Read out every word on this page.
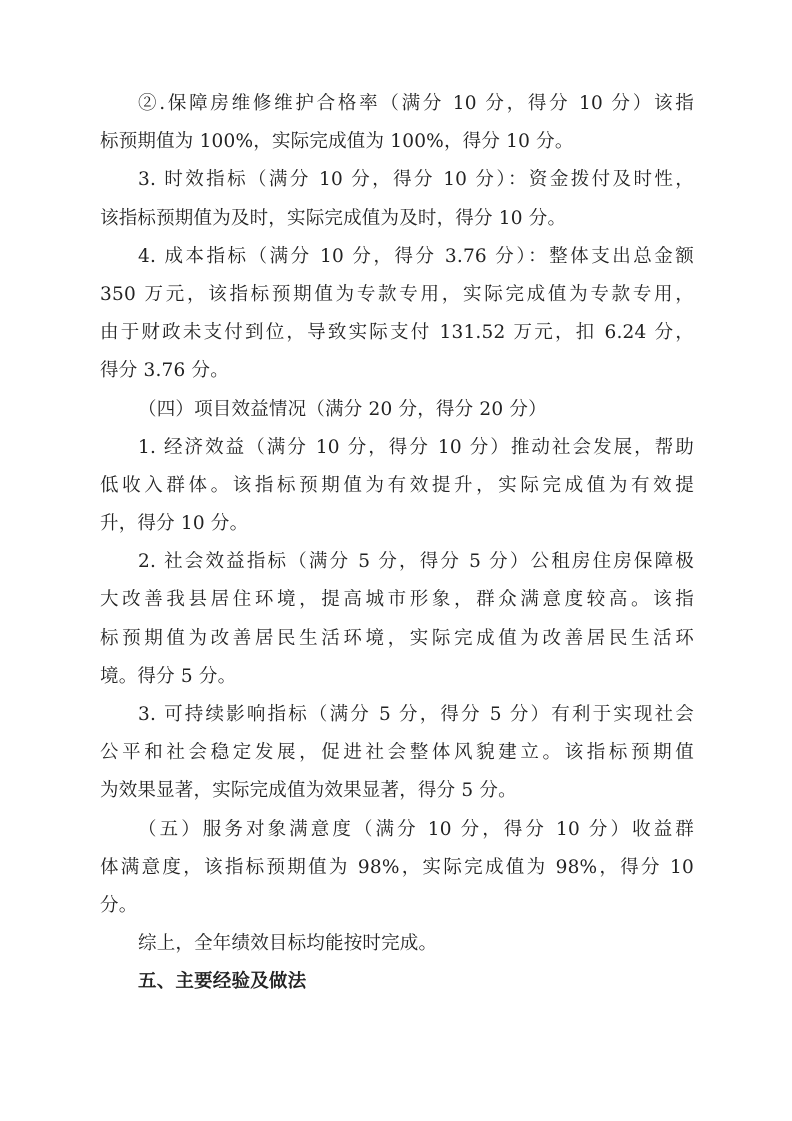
②.保障房维修维护合格率（满分 10 分，得分 10 分）该指
标预期值为 100%，实际完成值为 100%，得分 10 分。
3. 时效指标（满分 10 分，得分 10 分）：资金拨付及时性，
该指标预期值为及时，实际完成值为及时，得分 10 分。
4. 成本指标（满分 10 分，得分 3.76 分）：整体支出总金额
350 万元，该指标预期值为专款专用，实际完成值为专款专用，
由于财政未支付到位，导致实际支付 131.52 万元，扣 6.24 分，
得分 3.76 分。
（四）项目效益情况（满分 20 分，得分 20 分）
1. 经济效益（满分 10 分，得分 10 分）推动社会发展，帮助
低收入群体。该指标预期值为有效提升，实际完成值为有效提
升，得分 10 分。
2. 社会效益指标（满分 5 分，得分 5 分）公租房住房保障极
大改善我县居住环境，提高城市形象，群众满意度较高。该指
标预期值为改善居民生活环境，实际完成值为改善居民生活环
境。得分 5 分。
3. 可持续影响指标（满分 5 分，得分 5 分）有利于实现社会
公平和社会稳定发展，促进社会整体风貌建立。该指标预期值
为效果显著，实际完成值为效果显著，得分 5 分。
（五）服务对象满意度（满分 10 分，得分 10 分）收益群
体满意度，该指标预期值为 98%，实际完成值为 98%，得分 10
分。
综上，全年绩效目标均能按时完成。
五、主要经验及做法
